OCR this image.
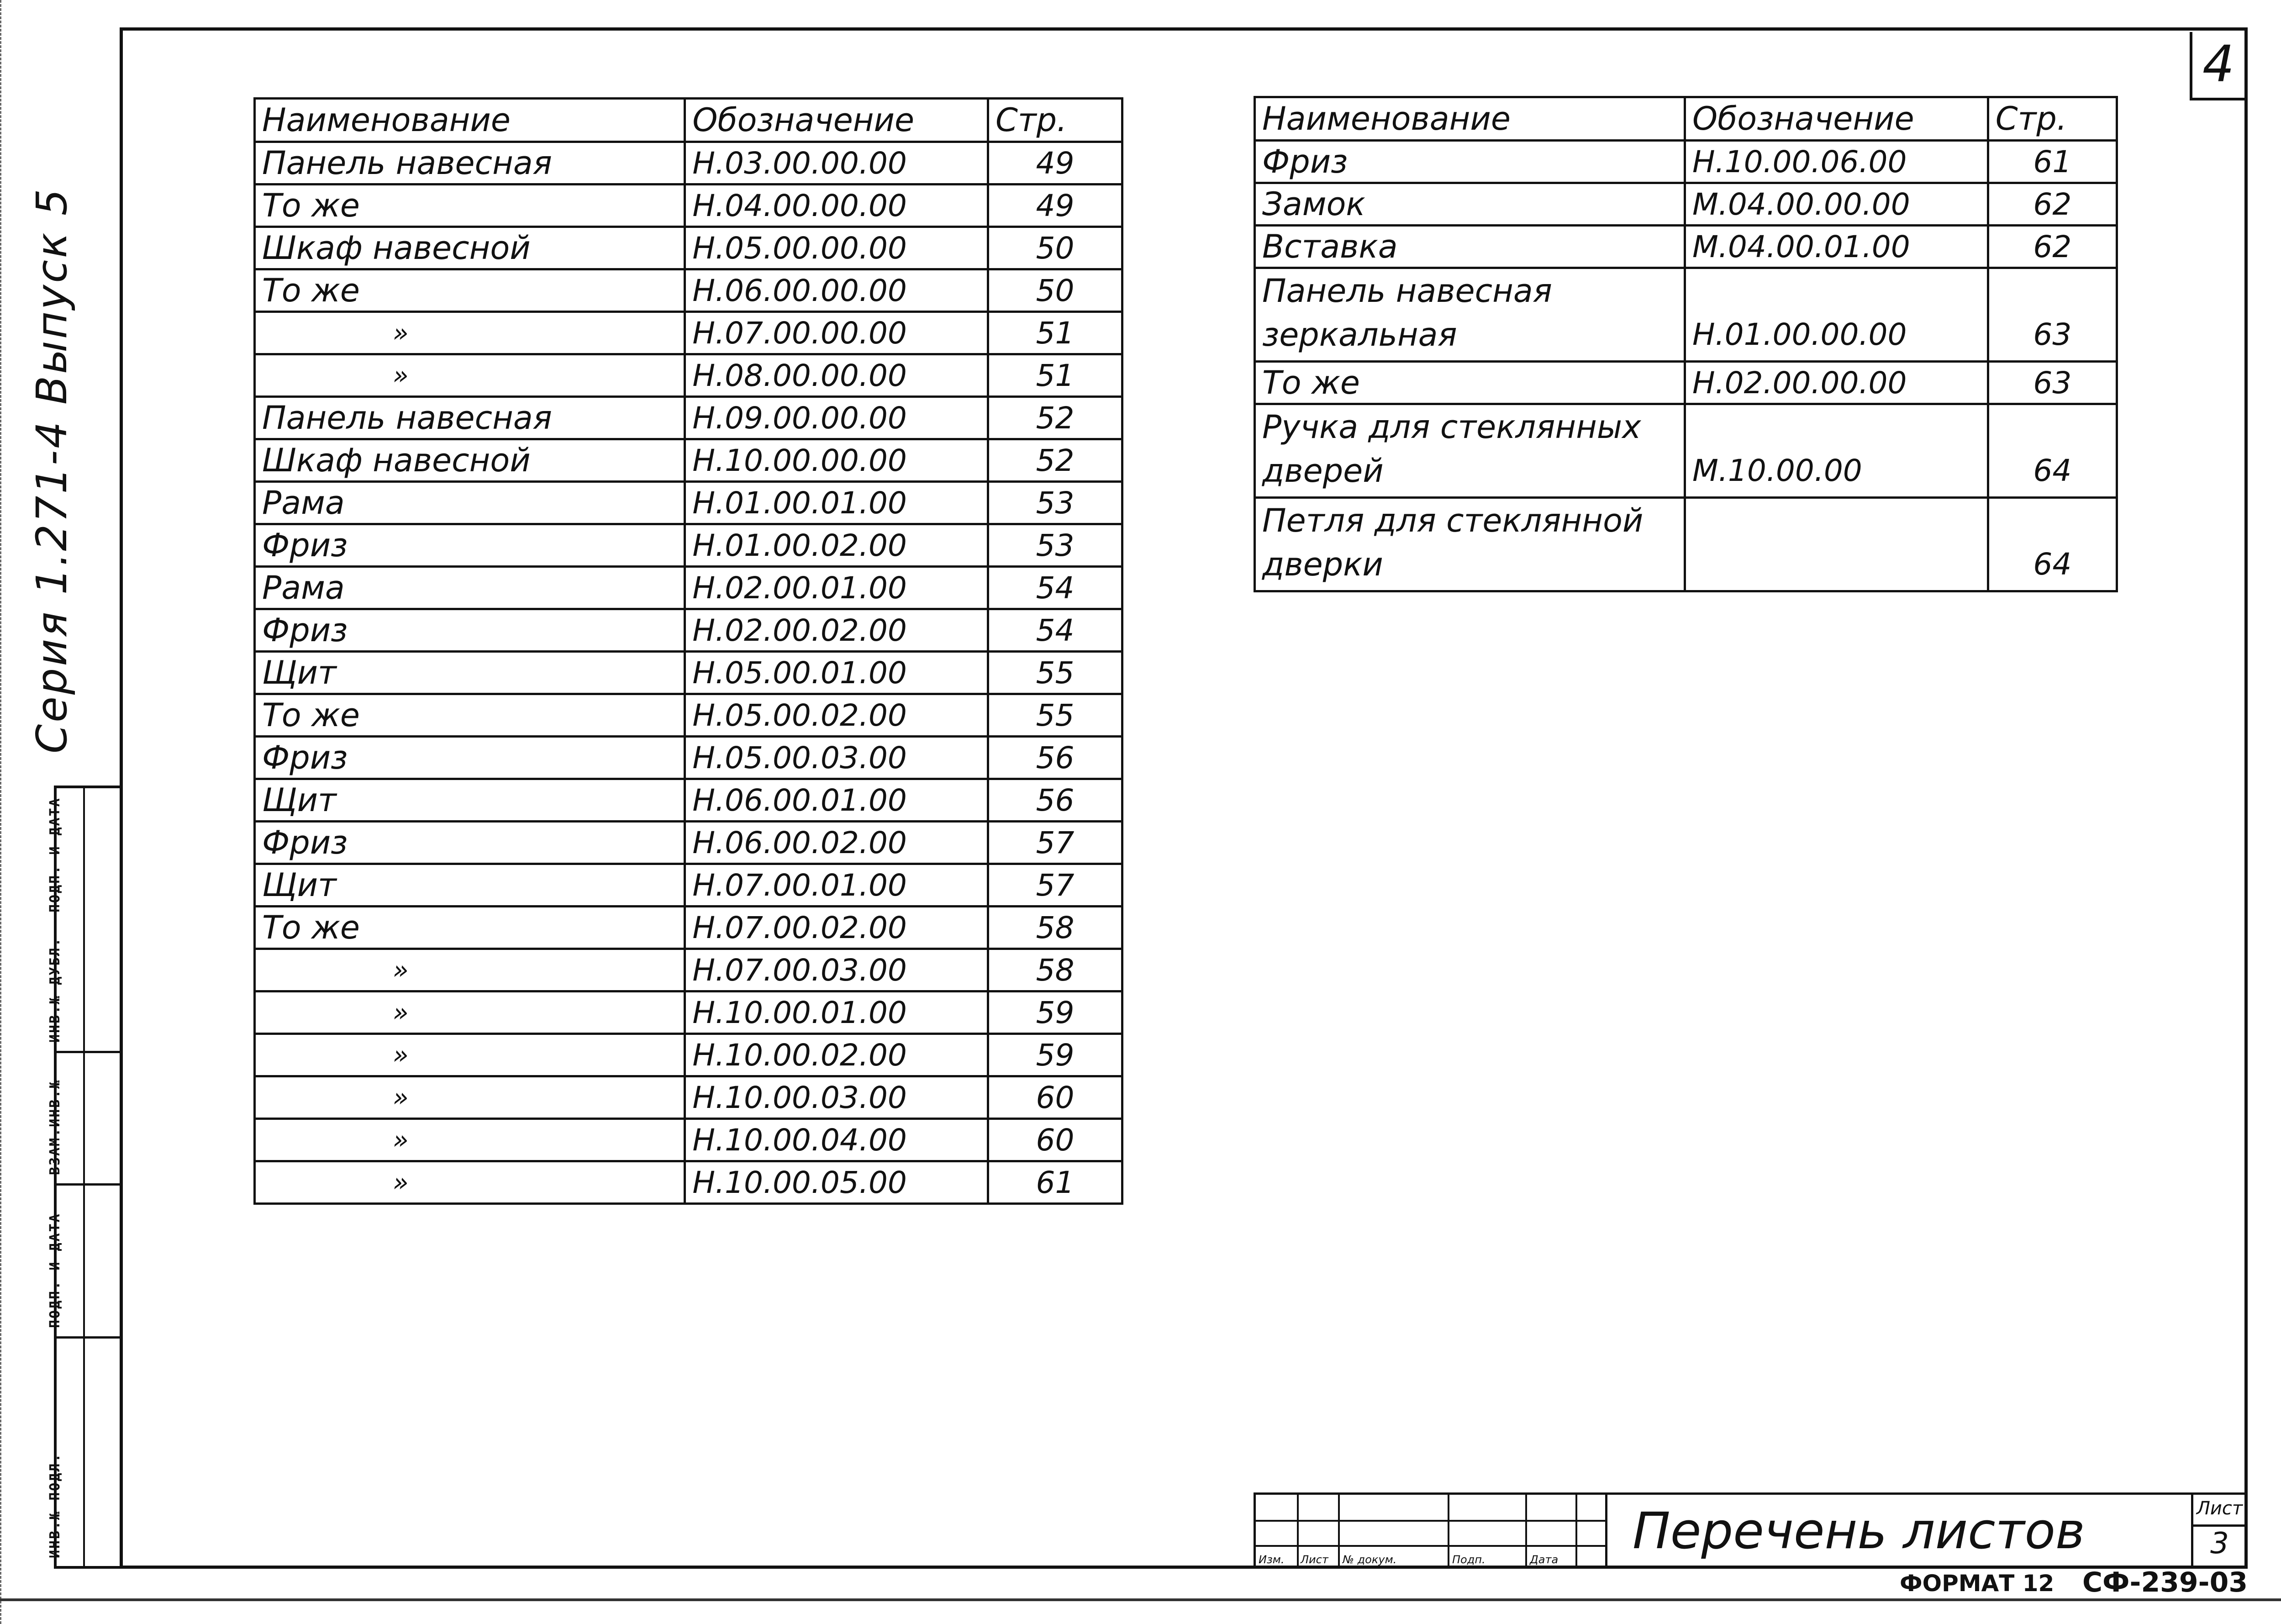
4
Серия 1.271-4 Выпуск 5
ИНВ.№ ПОДЛ.
ПОДП. И ДАТА
ВЗАМ.ИНВ.№
ИНВ.№ ДУБЛ.
ПОДП. И ДАТА
Наименование	Обозначение	Стр.
Панель навесная	Н.03.00.00.00	49
То же	Н.04.00.00.00	49
Шкаф навесной	Н.05.00.00.00	50
То же	Н.06.00.00.00	50
»	Н.07.00.00.00	51
»	Н.08.00.00.00	51
Панель навесная	Н.09.00.00.00	52
Шкаф навесной	Н.10.00.00.00	52
Рама	Н.01.00.01.00	53
Фриз	Н.01.00.02.00	53
Рама	Н.02.00.01.00	54
Фриз	Н.02.00.02.00	54
Щит	Н.05.00.01.00	55
То же	Н.05.00.02.00	55
Фриз	Н.05.00.03.00	56
Щит	Н.06.00.01.00	56
Фриз	Н.06.00.02.00	57
Щит	Н.07.00.01.00	57
То же	Н.07.00.02.00	58
»	Н.07.00.03.00	58
»	Н.10.00.01.00	59
»	Н.10.00.02.00	59
»	Н.10.00.03.00	60
»	Н.10.00.04.00	60
»	Н.10.00.05.00	61
Наименование	Обозначение	Стр.
Фриз	Н.10.00.06.00	61
Замок	М.04.00.00.00	62
Вставка	М.04.00.01.00	62
Панель навесная зеркальная	Н.01.00.00.00	63
То же	Н.02.00.00.00	63
Ручка для стеклянных дверей	М.10.00.00	64
Петля для стеклянной дверки		64
Изм. Лист № докум.	Подп.	Дата Перечень листов	Лист
3
ФОРМАТ 12 СФ-239-03
